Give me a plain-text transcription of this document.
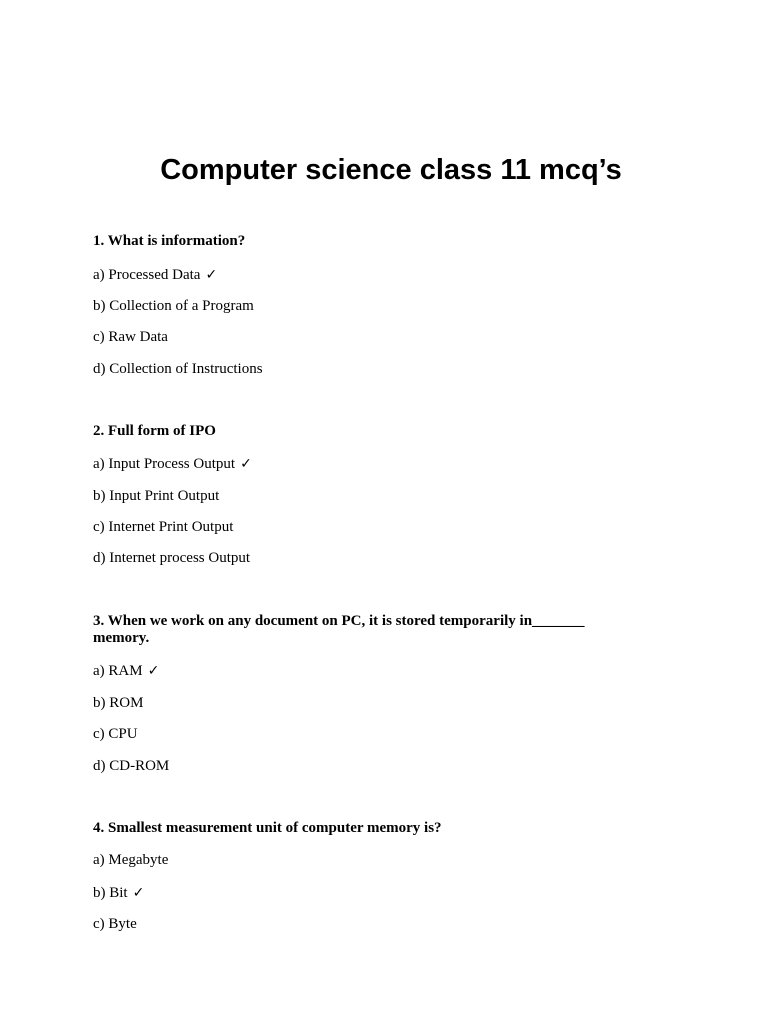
Computer science class 11 mcq’s

1. What is information?

a) Processed Data ✓

b) Collection of a Program

c) Raw Data

d) Collection of Instructions

2. Full form of IPO

a) Input Process Output ✓

b) Input Print Output

c) Internet Print Output

d) Internet process Output

3. When we work on any document on PC, it is stored temporarily in_______ memory.

a) RAM ✓

b) ROM

c) CPU

d) CD-ROM

4. Smallest measurement unit of computer memory is?

a) Megabyte

b) Bit ✓

c) Byte
